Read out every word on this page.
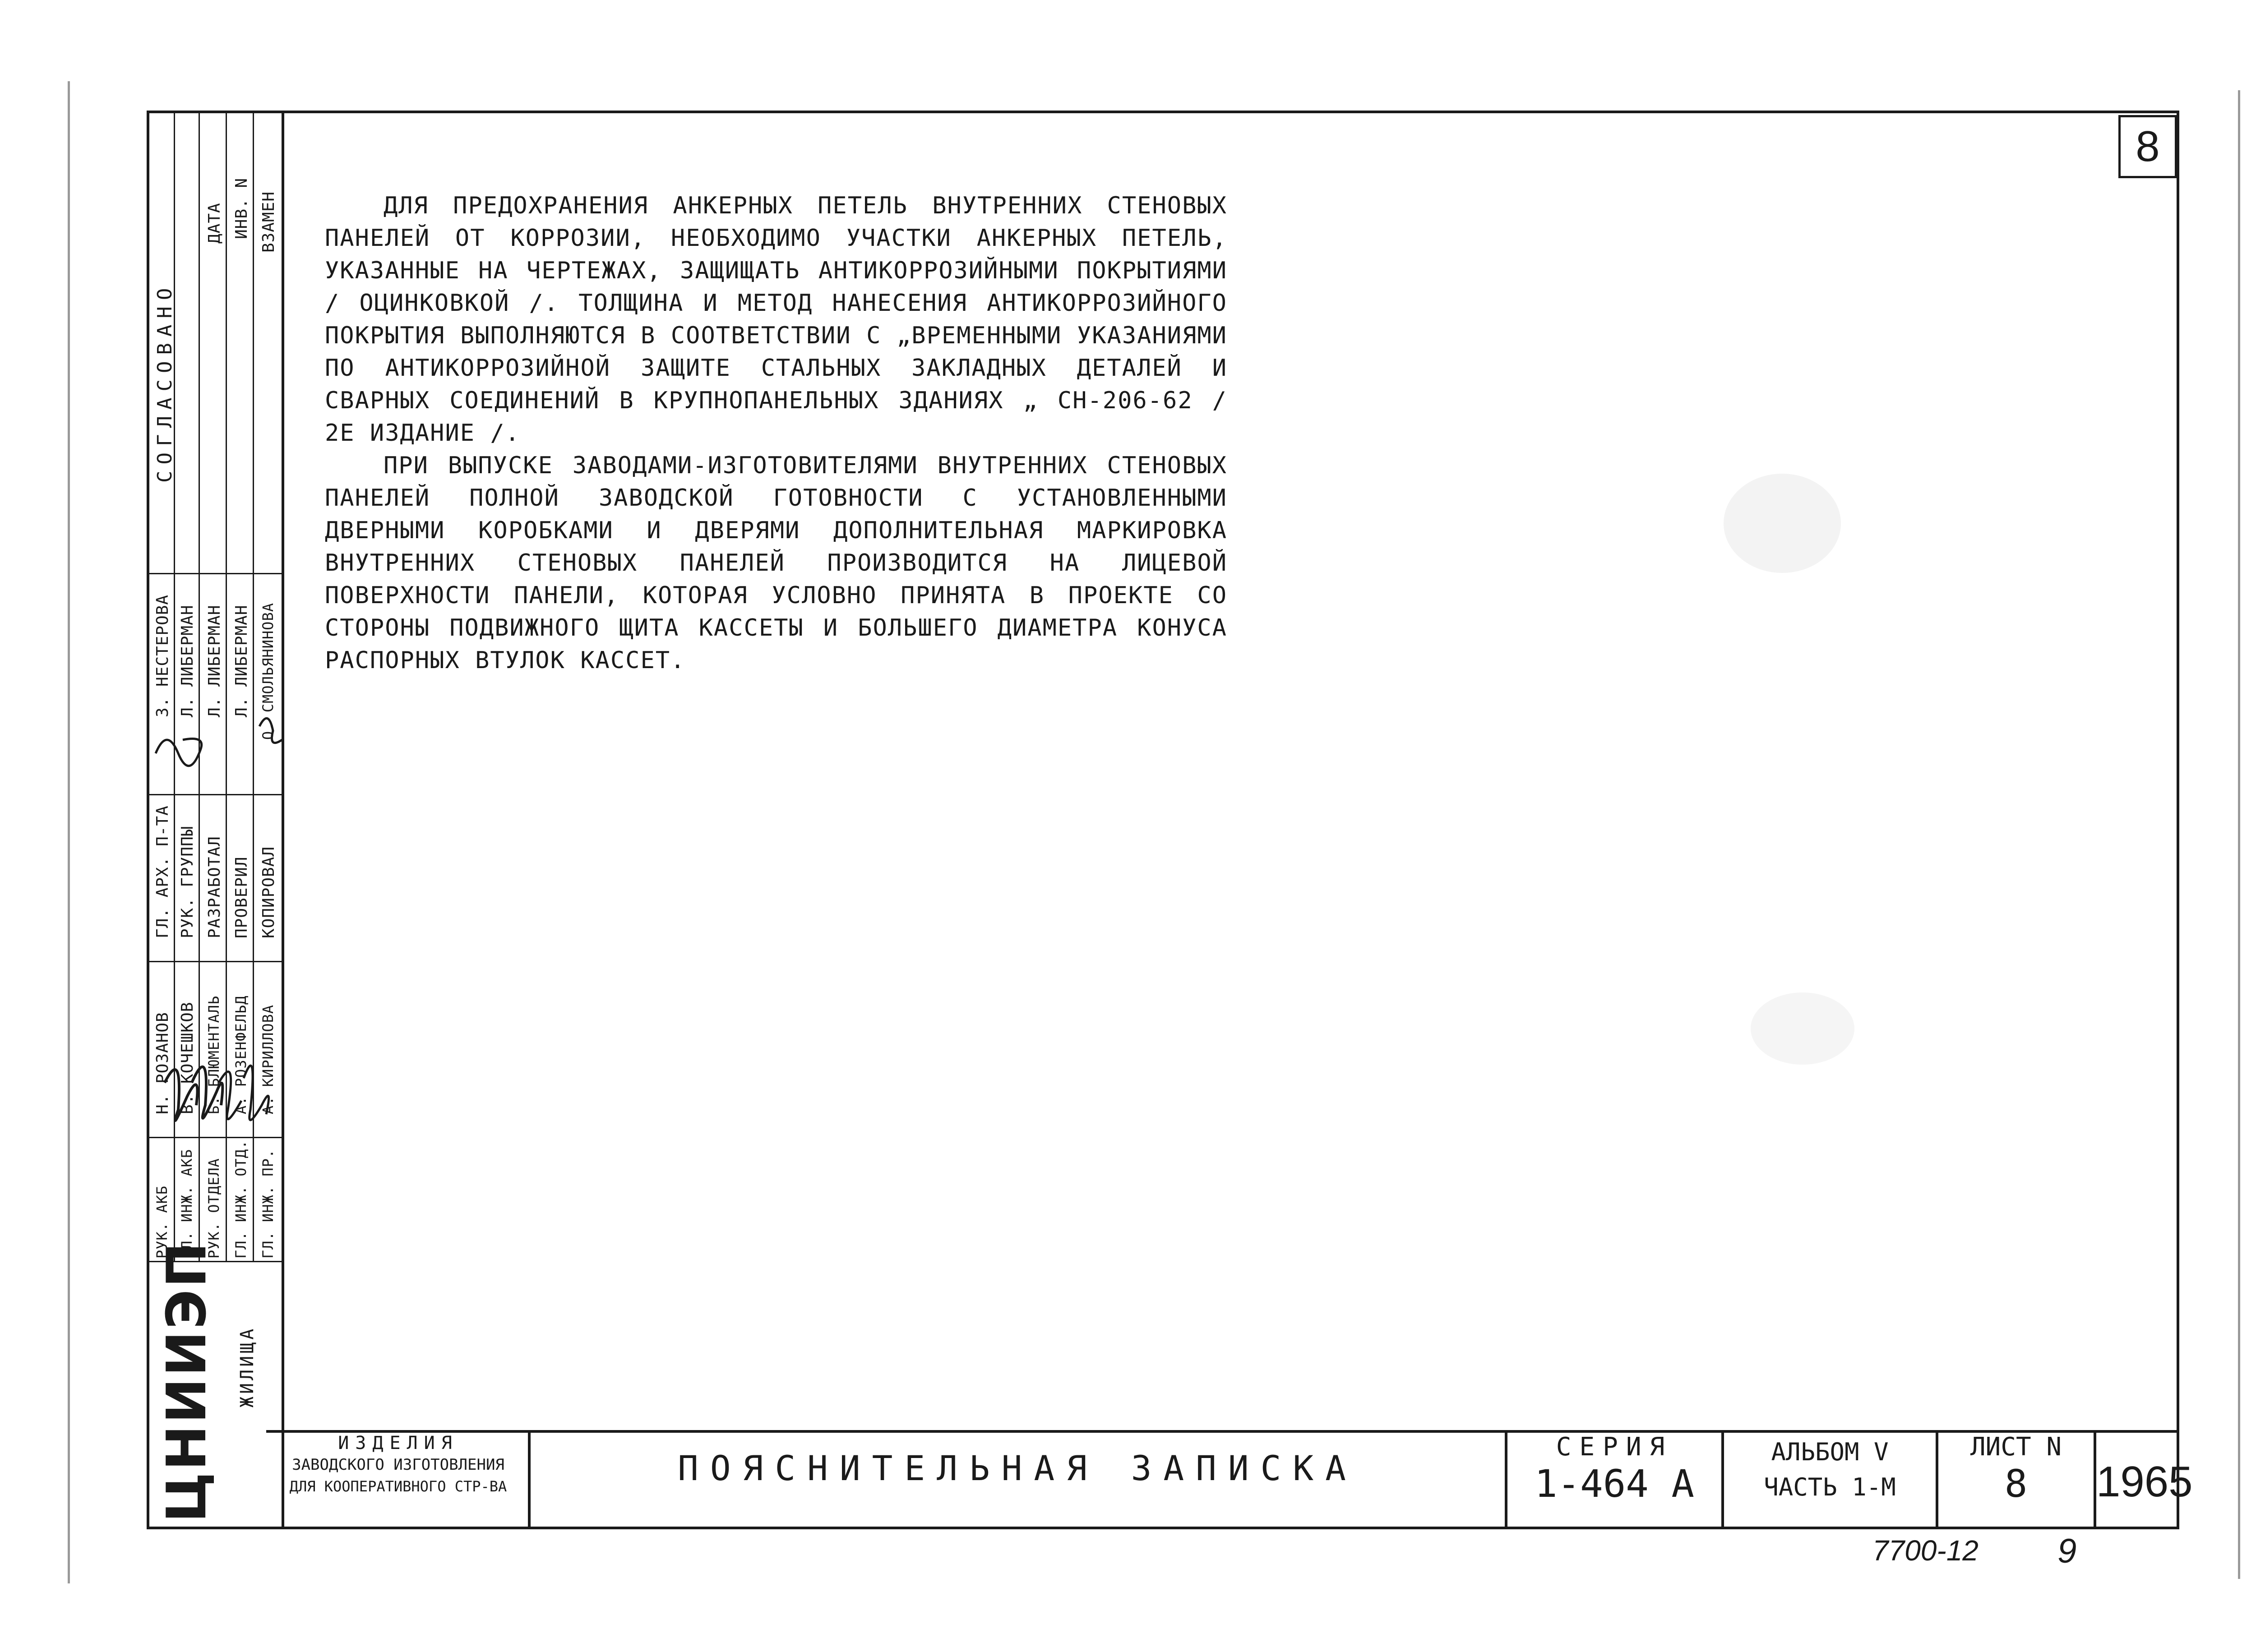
8
СОГЛАСОВАНО
ДАТА ИНВ. N ВЗАМЕН
З. НЕСТЕРОВА Л. ЛИБЕРМАН Л. ЛИБЕРМАН Л. ЛИБЕРМАН О. СМОЛЬЯНИНОВА
ГЛ. АРХ. П-ТА РУК. ГРУППЫ РАЗРАБОТАЛ ПРОВЕРИЛ КОПИРОВАЛ
Н. РОЗАНОВ В. КОЧЕШКОВ Б. БЛЮМЕНТАЛЬ А. РОЗЕНФЕЛЬД А. КИРИЛЛОВА
РУК. АКБ ГЛ. ИНЖ. АКБ РУК. ОТДЕЛА ГЛ. ИНЖ. ОТД. ГЛ. ИНЖ. ПР.
ЦНИИЭП ЖИЛИЩА

ДЛЯ ПРЕДОХРАНЕНИЯ АНКЕРНЫХ ПЕТЕЛЬ ВНУТРЕННИХ СТЕНОВЫХ ПАНЕЛЕЙ ОТ КОРРОЗИИ, НЕОБХОДИМО УЧАСТКИ АНКЕРНЫХ ПЕТЕЛЬ, УКАЗАННЫЕ НА ЧЕРТЕЖАХ, ЗАЩИЩАТЬ АНТИКОРРОЗИЙНЫМИ ПОКРЫТИЯМИ / ОЦИНКОВКОЙ /. ТОЛЩИНА И МЕТОД НАНЕСЕНИЯ АНТИКОРРОЗИЙНОГО ПОКРЫТИЯ ВЫПОЛНЯЮТСЯ В СООТВЕТСТВИИ С „ВРЕМЕННЫМИ УКАЗАНИЯМИ ПО АНТИКОРРОЗИЙНОЙ ЗАЩИТЕ СТАЛЬНЫХ ЗАКЛАДНЫХ ДЕТАЛЕЙ И СВАРНЫХ СОЕДИНЕНИЙ В КРУПНОПАНЕЛЬНЫХ ЗДАНИЯХ „ СН-206-62 / 2Е ИЗДАНИЕ /.

ПРИ ВЫПУСКЕ ЗАВОДАМИ-ИЗГОТОВИТЕЛЯМИ ВНУТРЕННИХ СТЕНОВЫХ ПАНЕЛЕЙ ПОЛНОЙ ЗАВОДСКОЙ ГОТОВНОСТИ С УСТАНОВЛЕННЫМИ ДВЕРНЫМИ КОРОБКАМИ И ДВЕРЯМИ ДОПОЛНИТЕЛЬНАЯ МАРКИРОВКА ВНУТРЕННИХ СТЕНОВЫХ ПАНЕЛЕЙ ПРОИЗВОДИТСЯ НА ЛИЦЕВОЙ ПОВЕРХНОСТИ ПАНЕЛИ, КОТОРАЯ УСЛОВНО ПРИНЯТА В ПРОЕКТЕ СО СТОРОНЫ ПОДВИЖНОГО ЩИТА КАССЕТЫ И БОЛЬШЕГО ДИАМЕТРА КОНУСА РАСПОРНЫХ ВТУЛОК КАССЕТ.

ИЗДЕЛИЯ
ЗАВОДСКОГО ИЗГОТОВЛЕНИЯ
ДЛЯ КООПЕРАТИВНОГО СТР-ВА	ПОЯСНИТЕЛЬНАЯ ЗАПИСКА
СЕРИЯ
1-464 А
АЛЬБОМ V
ЧАСТЬ 1-М
ЛИСТ N
8	1965
7700-12 9
